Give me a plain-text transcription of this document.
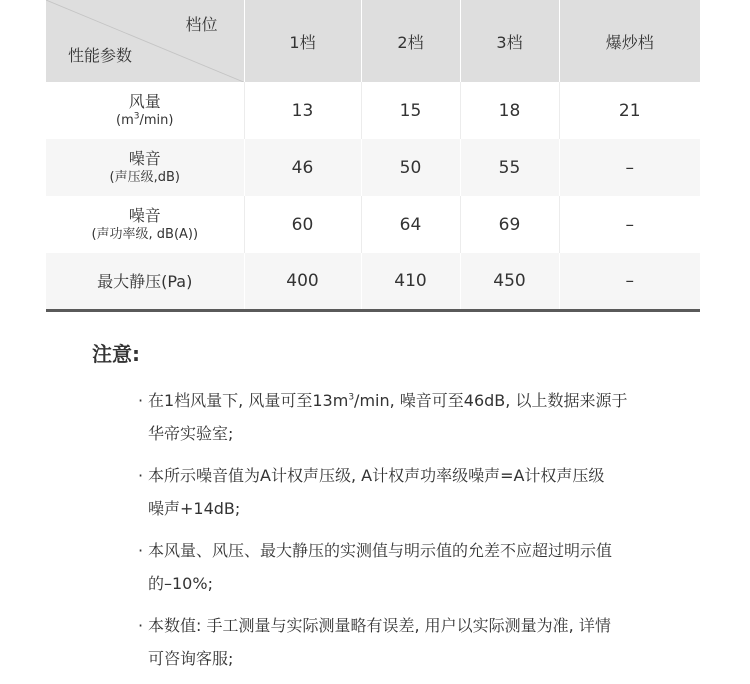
档位
性能参数	1档	2档	3档	爆炒档

风量
$(m^3/\min)$	13	15	18	21

噪音
(声压级,dB)	46	50	55	–

噪音
(声功率级, dB(A))	60	64	69	–
最大静压(Pa)	400	410	450	–
注意:
· 在1档风量下, 风量可至$13m^3/\min$, 噪音可至46dB, 以上数据来源于
华帝实验室;
· 本所示噪音值为A计权声压级, A计权声功率级噪声=A计权声压级
噪声+14dB;
· 本风量、风压、最大静压的实测值与明示值的允差不应超过明示值
的–10%;
· 本数值: 手工测量与实际测量略有误差, 用户以实际测量为准, 详情
可咨询客服;
